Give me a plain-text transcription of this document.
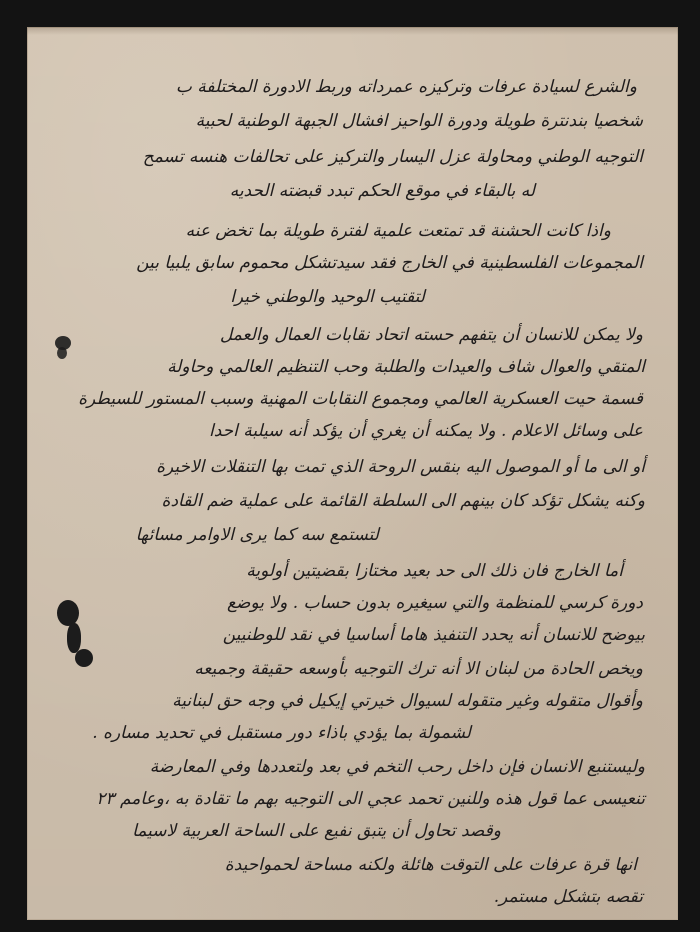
والشرع لسيادة عرفات وتركيزه عمرداته وربط الادورة المختلفة ب
شخصيا بندنترة طويلة ودورة الواحيز افشال الجبهة الوطنية لحبية
التوجيه الوطني ومحاولة عزل اليسار والتركيز على تحالفات هنسه تسمح
له بالبقاء في موقع الحكم تبدد قبضته الحديه
واذا كانت الحشنة قد تمتعت علمية لفترة طويلة بما تخض عنه
المجموعات الفلسطينية في الخارج فقد سيدتشكل محموم سابق يلبيا بين
لتقتيب الوحيد والوطني خيرا
ولا يمكن للانسان أن يتفهم حسته اتحاد نقابات العمال والعمل
المتقي والعوال شاف والعيدات والطلبة وحب التنظيم العالمي وحاولة
قسمة حيت العسكرية العالمي ومجموع النقابات المهنية وسبب المستور للسيطرة
على وسائل الاعلام . ولا يمكنه أن يغري أن يؤكد أنه سيلبة احدا
أو الى ما أو الموصول اليه بنقس الروحة الذي تمت بها التنقلات الاخيرة
وكنه يشكل تؤكد كان بينهم الى السلطة القائمة على عملية ضم القادة
لتستمع سه كما يرى الاوامر مسائها
أما الخارج فان ذلك الى حد بعيد مختازا بقضيتين أولوية
دورة كرسي للمنظمة والتي سيغيره بدون حساب . ولا يوضع
بيوضح للانسان أنه يحدد التنفيذ هاما أساسيا في نقد للوطنيين
ويخص الحادة من لبنان الا أنه ترك التوجيه بأوسعه حقيقة وجميعه
وأقوال متقوله وغير متقوله لسيوال خيرتي إيكيل في وجه حق لبنانية
لشمولة بما يؤدي باذاء دور مستقبل في تحديد مساره .
وليستنبع الانسان فإن داخل رحب التخم في بعد ولتعددها وفي المعارضة
تنعيسى عما قول هذه وللنين تحمد عجي الى التوجيه بهم ما تقادة به ،وعامم ٢٣
وقصد تحاول أن يتبق نفيع على الساحة العربية لاسيما
انها قرة عرفات على التوقت هائلة ولكنه مساحة لحمواحيدة
تقصه بتشكل مستمر.
